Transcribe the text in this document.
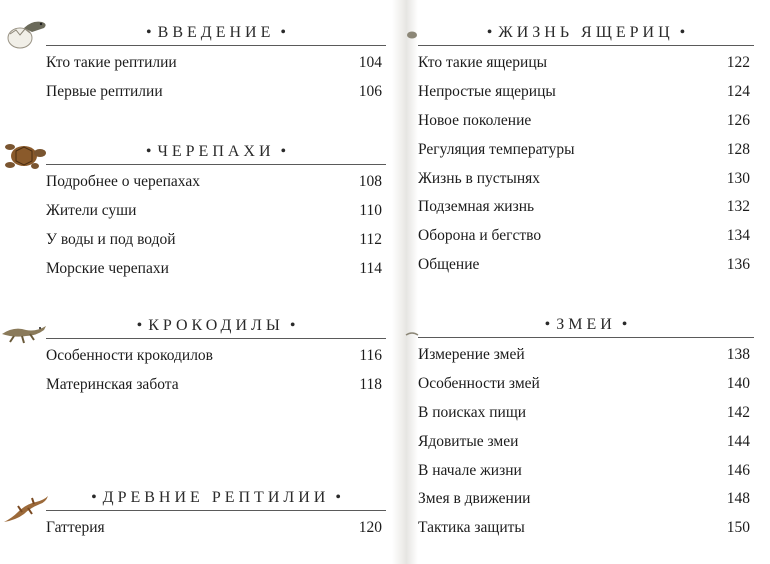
• ВВЕДЕНИЕ •
Кто такие рептилии	104
Первые рептилии	106
• ЧЕРЕПАХИ •
Подробнее о черепахах	108
Жители суши	110
У воды и под водой	112
Морские черепахи	114
• КРОКОДИЛЫ •
Особенности крокодилов	116
Материнская забота	118
• ДРЕВНИЕ РЕПТИЛИИ •
Гаттерия	120
• ЖИЗНЬ ЯЩЕРИЦ •
Кто такие ящерицы	122
Непростые ящерицы	124
Новое поколение	126
Регуляция температуры	128
Жизнь в пустынях	130
Подземная жизнь	132
Оборона и бегство	134
Общение	136
• ЗМЕИ •
Измерение змей	138
Особенности змей	140
В поисках пищи	142
Ядовитые змеи	144
В начале жизни	146
Змея в движении	148
Тактика защиты	150
